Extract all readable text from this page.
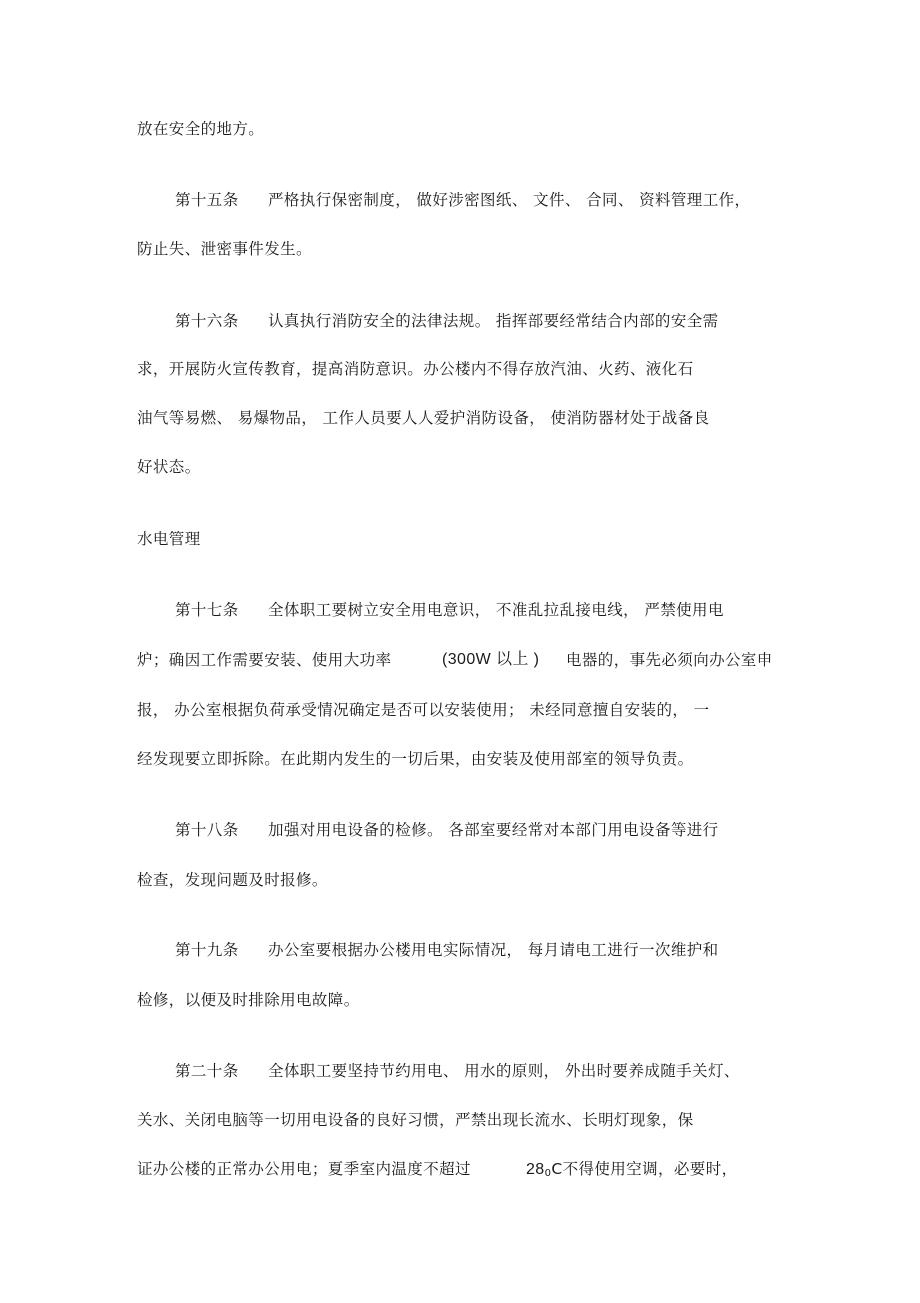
放在安全的地方。
第十五条 严格执行保密制度， 做好涉密图纸、 文件、 合同、 资料管理工作，
防止失、泄密事件发生。
第十六条 认真执行消防安全的法律法规。 指挥部要经常结合内部的安全需
求，开展防火宣传教育，提高消防意识。办公楼内不得存放汽油、火药、液化石
油气等易燃、 易爆物品， 工作人员要人人爱护消防设备， 使消防器材处于战备良
好状态。
水电管理
第十七条 全体职工要树立安全用电意识， 不准乱拉乱接电线， 严禁使用电
炉；确因工作需要安装、使用大功率	(300W 以上 ) 电器的，事先必须向办公室申
报， 办公室根据负荷承受情况确定是否可以安装使用； 未经同意擅自安装的， 一
经发现要立即拆除。在此期内发生的一切后果，由安装及使用部室的领导负责。
第十八条 加强对用电设备的检修。 各部室要经常对本部门用电设备等进行
检查，发现问题及时报修。
第十九条 办公室要根据办公楼用电实际情况， 每月请电工进行一次维护和
检修，以便及时排除用电故障。
第二十条 全体职工要坚持节约用电、 用水的原则， 外出时要养成随手关灯、
关水、关闭电脑等一切用电设备的良好习惯，严禁出现长流水、长明灯现象，保
证办公楼的正常办公用电；夏季室内温度不超过	$28_0C$不得使用空调，必要时，
